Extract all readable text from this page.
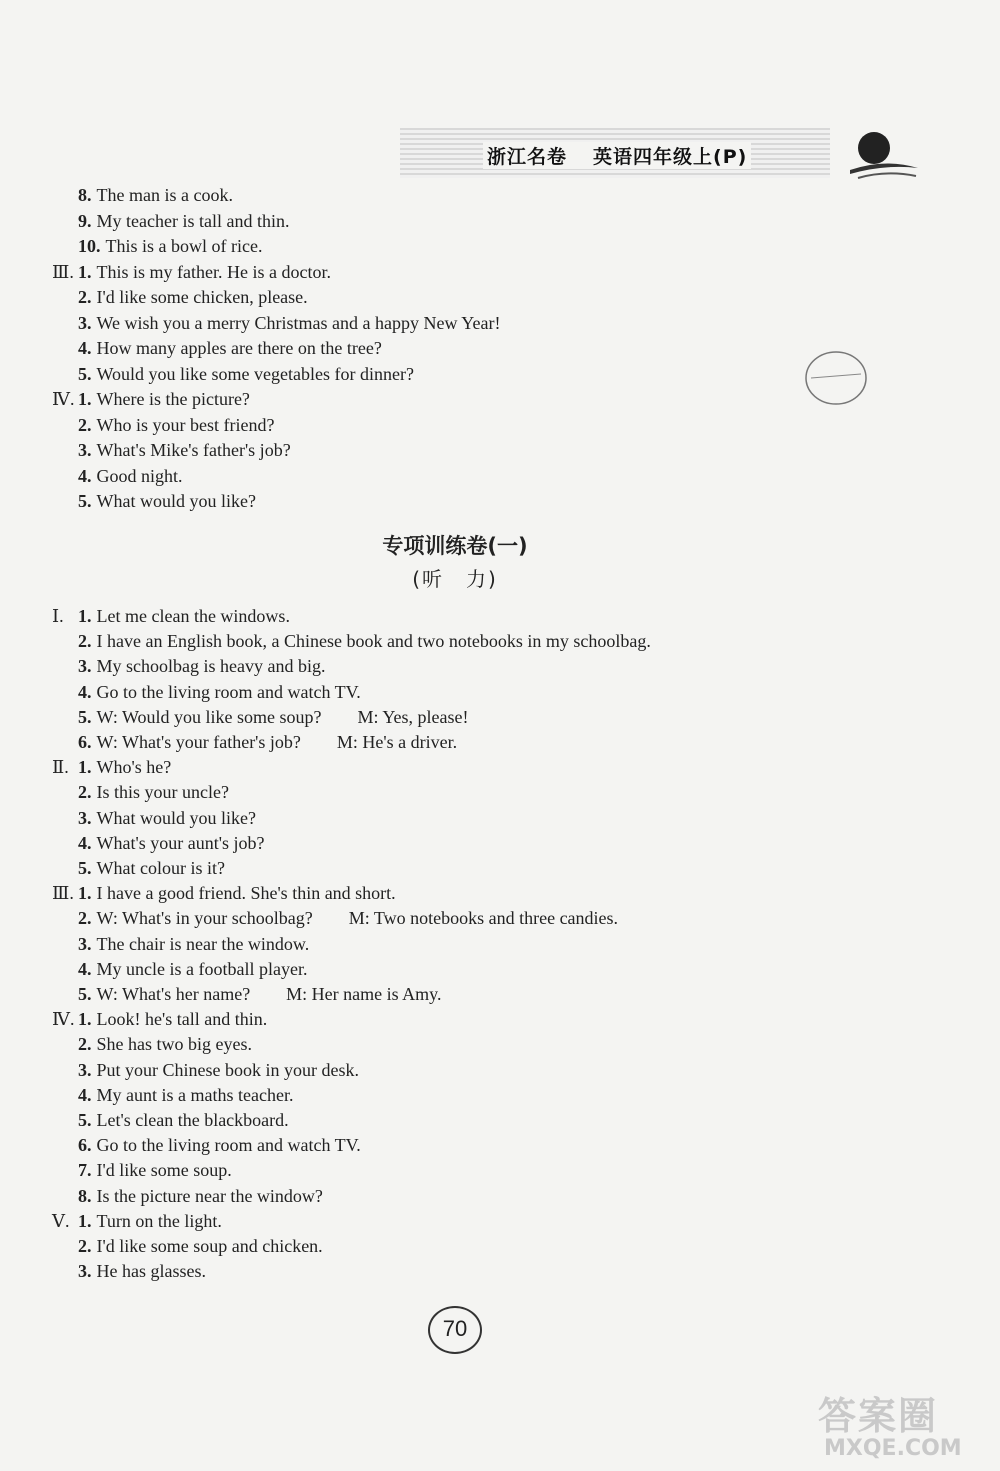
浙江名卷 英语四年级上(P)
8. The man is a cook.
9. My teacher is tall and thin.
10. This is a bowl of rice.
Ⅲ. 1. This is my father. He is a doctor.
2. I'd like some chicken, please.
3. We wish you a merry Christmas and a happy New Year!
4. How many apples are there on the tree?
5. Would you like some vegetables for dinner?
Ⅳ. 1. Where is the picture?
2. Who is your best friend?
3. What's Mike's father's job?
4. Good night.
5. What would you like?
专项训练卷(一)
(听　力)
Ⅰ. 1. Let me clean the windows.
2. I have an English book, a Chinese book and two notebooks in my schoolbag.
3. My schoolbag is heavy and big.
4. Go to the living room and watch TV.
5. W: Would you like some soup?　　M: Yes, please!
6. W: What's your father's job?　　M: He's a driver.
Ⅱ. 1. Who's he?
2. Is this your uncle?
3. What would you like?
4. What's your aunt's job?
5. What colour is it?
Ⅲ. 1. I have a good friend. She's thin and short.
2. W: What's in your schoolbag?　　M: Two notebooks and three candies.
3. The chair is near the window.
4. My uncle is a football player.
5. W: What's her name?　　M: Her name is Amy.
Ⅳ. 1. Look! he's tall and thin.
2. She has two big eyes.
3. Put your Chinese book in your desk.
4. My aunt is a maths teacher.
5. Let's clean the blackboard.
6. Go to the living room and watch TV.
7. I'd like some soup.
8. Is the picture near the window?
Ⅴ. 1. Turn on the light.
2. I'd like some soup and chicken.
3. He has glasses.
70
答案圈
MXQE.COM
